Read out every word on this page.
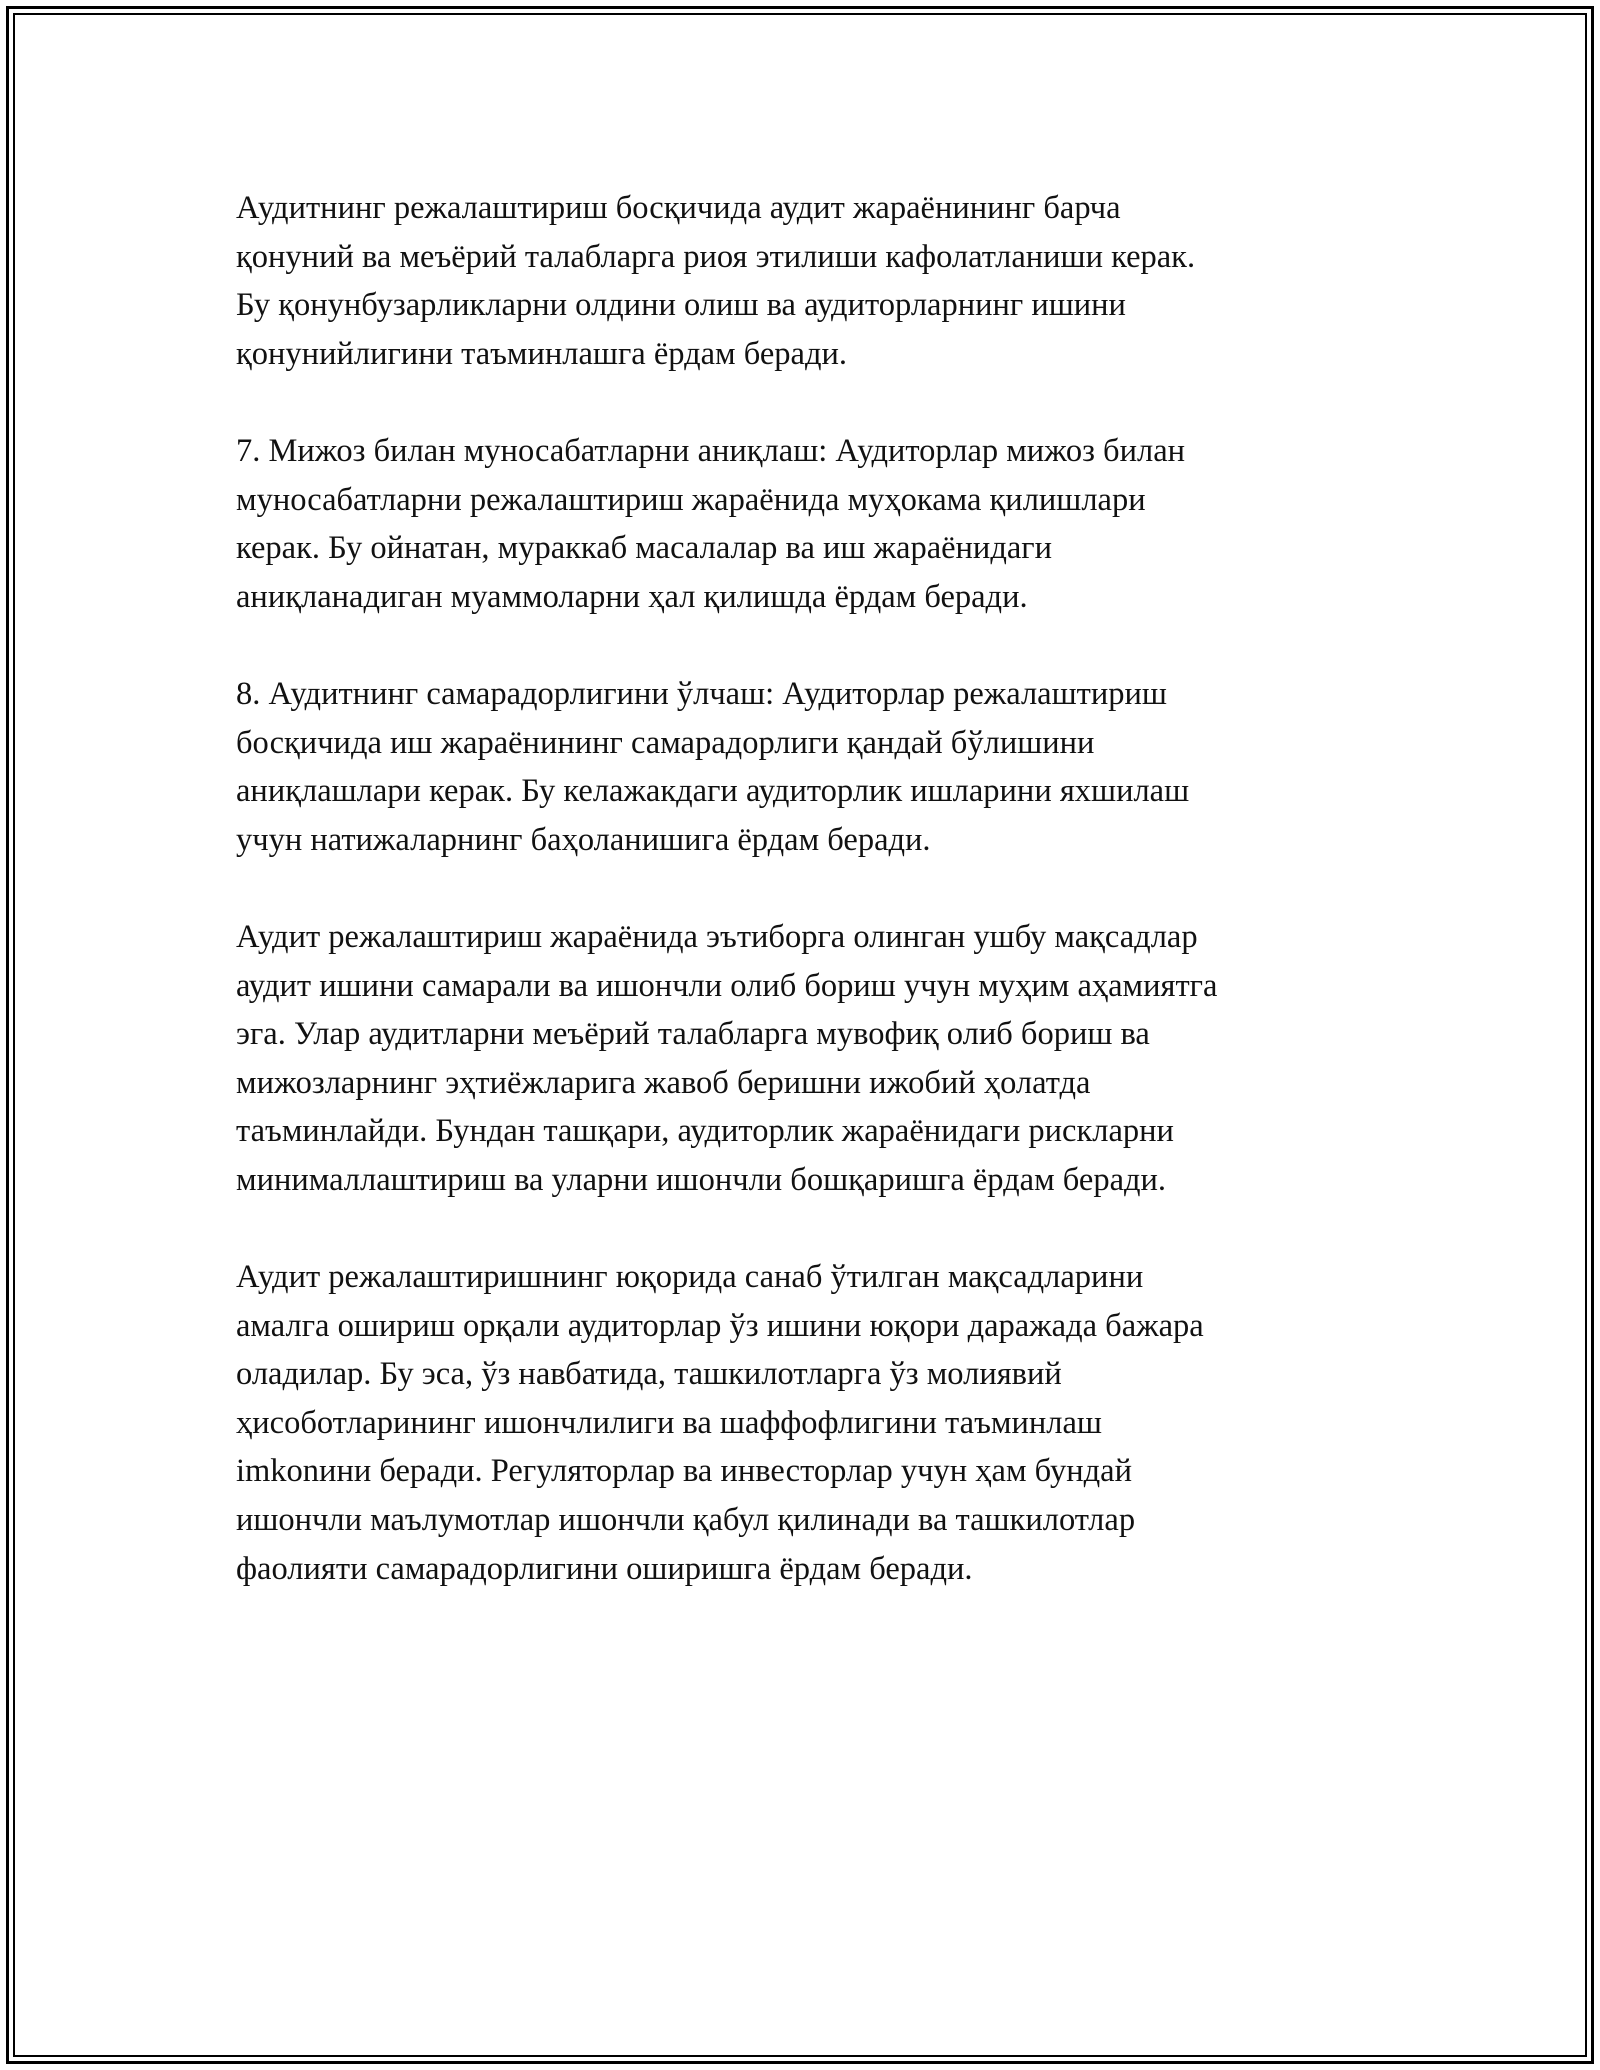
Аудитнинг режалаштириш босқичида аудит жараёнининг барча
қонуний ва меъёрий талабларга риоя этилиши кафолатланиши керак.
Бу қонунбузарликларни олдини олиш ва аудиторларнинг ишини
қонунийлигини таъминлашга ёрдам беради.

7. Мижоз билан муносабатларни аниқлаш: Аудиторлар мижоз билан
муносабатларни режалаштириш жараёнида муҳокама қилишлари
керак. Бу ойнатан, мураккаб масалалар ва иш жараёнидаги
аниқланадиган муаммоларни ҳал қилишда ёрдам беради.

8. Аудитнинг самарадорлигини ўлчаш: Аудиторлар режалаштириш
босқичида иш жараёнининг самарадорлиги қандай бўлишини
аниқлашлари керак. Бу келажакдаги аудиторлик ишларини яхшилаш
учун натижаларнинг баҳоланишига ёрдам беради.

Аудит режалаштириш жараёнида эътиборга олинган ушбу мақсадлар
аудит ишини самарали ва ишончли олиб бориш учун муҳим аҳамиятга
эга. Улар аудитларни меъёрий талабларга мувофиқ олиб бориш ва
мижозларнинг эҳтиёжларига жавоб беришни ижобий ҳолатда
таъминлайди. Бундан ташқари, аудиторлик жараёнидаги рискларни
минималлаштириш ва уларни ишончли бошқаришга ёрдам беради.

Аудит режалаштиришнинг юқорида санаб ўтилган мақсадларини
амалга ошириш орқали аудиторлар ўз ишини юқори даражада бажара
оладилар. Бу эса, ўз навбатида, ташкилотларга ўз молиявий
ҳисоботларининг ишончлилиги ва шаффофлигини таъминлаш
imkonини беради. Регуляторлар ва инвесторлар учун ҳам бундай
ишончли маълумотлар ишончли қабул қилинади ва ташкилотлар
фаолияти самарадорлигини оширишга ёрдам беради.
